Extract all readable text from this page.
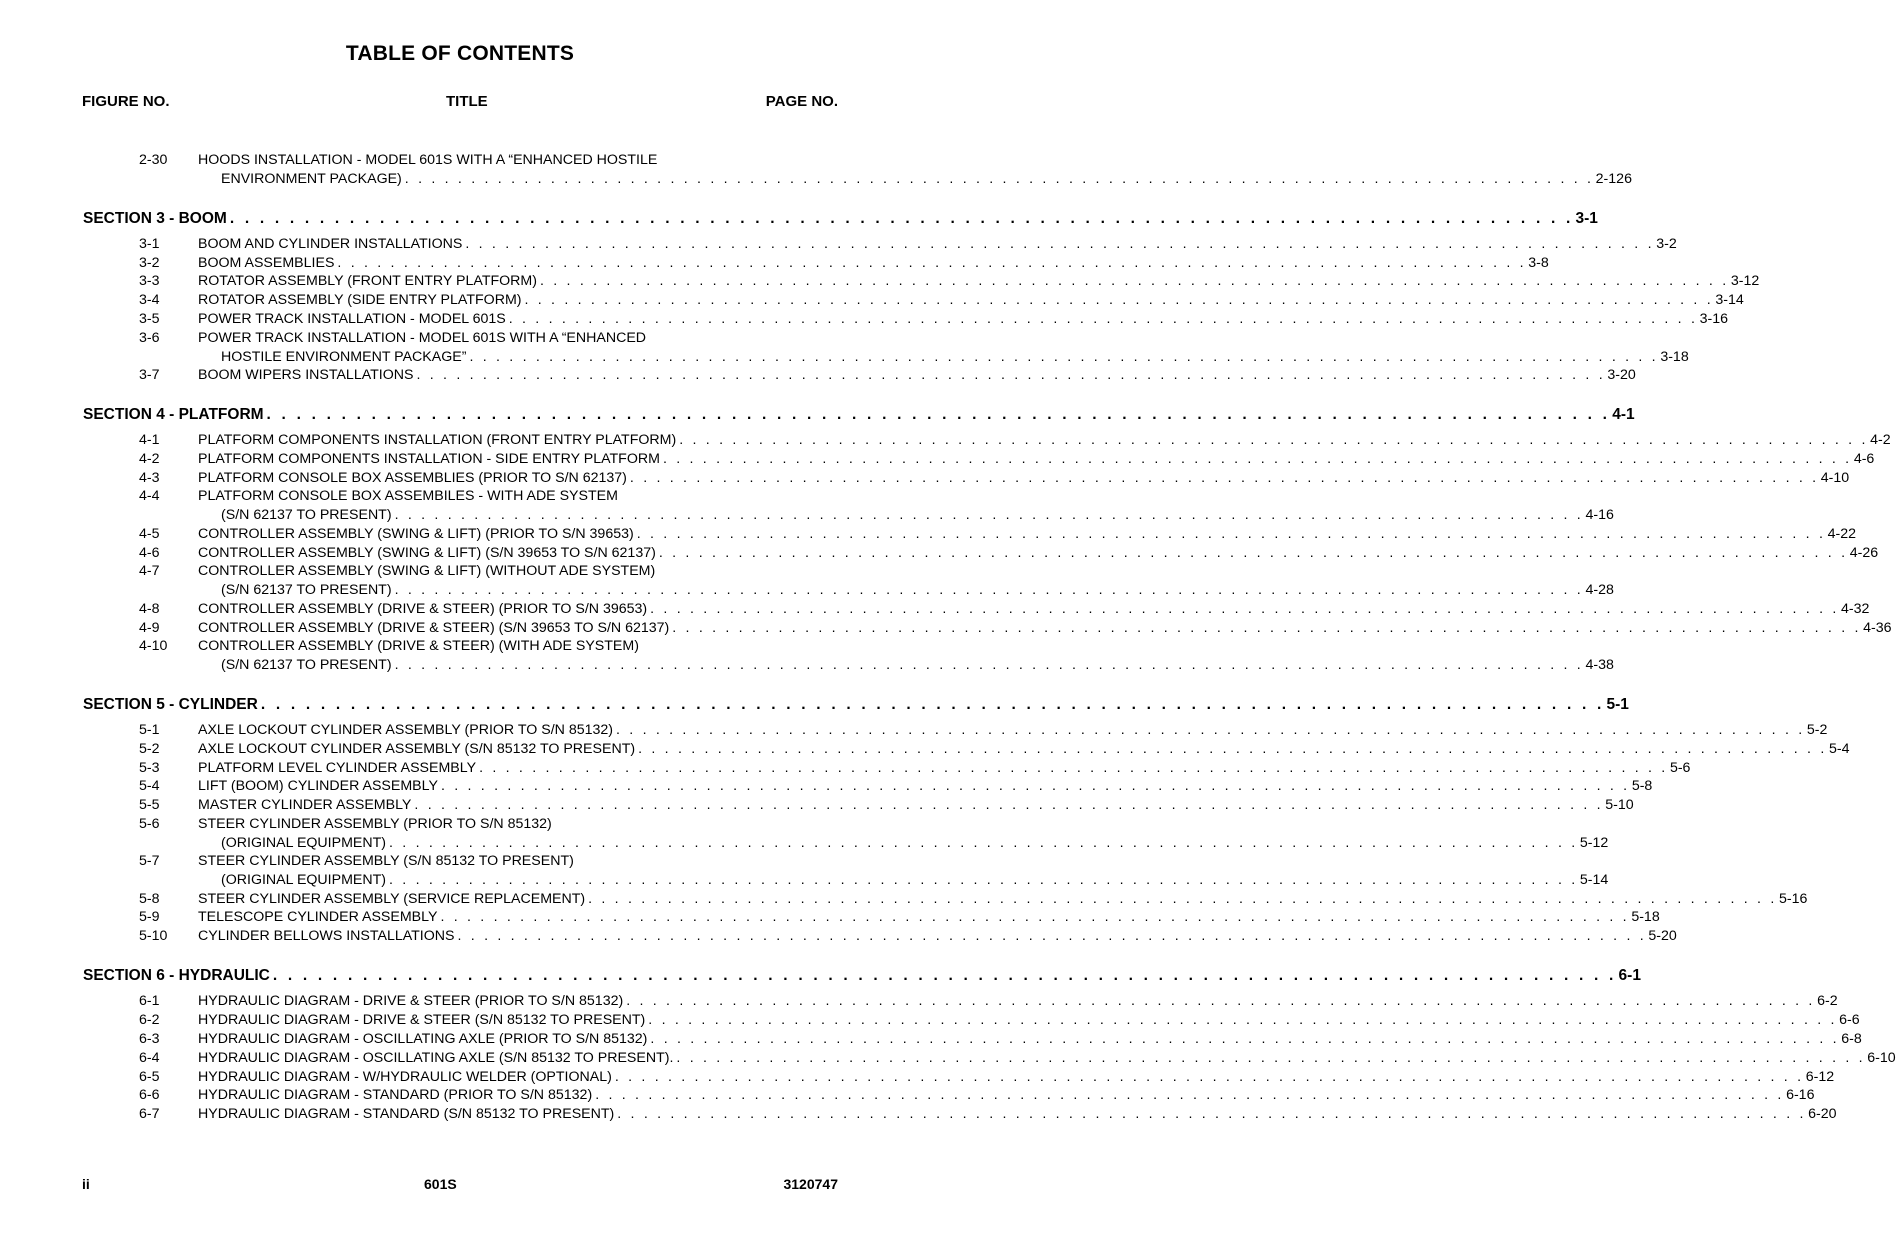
TABLE OF CONTENTS
FIGURE NO.	TITLE	PAGE NO.
2-30 HOODS INSTALLATION - MODEL 601S WITH A “ENHANCED HOSTILE
ENVIRONMENT PACKAGE) . . . . . . . . . . . . . . . . . . . . . . . . . . . . . . . . . . . . . . . . . . . . . . . . . . . . . . . . . . . . . . . . . . . . . . . . . . . . . . . . . . . . . . . . . . 2-126
SECTION 3 - BOOM . . . . . . . . . . . . . . . . . . . . . . . . . . . . . . . . . . . . . . . . . . . . . . . . . . . . . . . . . . . . . . . . . . . . . . . . . . . . . . . . . . . . . . . . . . 3-1
3-1	BOOM AND CYLINDER INSTALLATIONS . . . . . . . . . . . . . . . . . . . . . . . . . . . . . . . . . . . . . . . . . . . . . . . . . . . . . . . . . . . . . . . . . . . . . . . . . . . . . . . . . . . . . . . . . . 3-2
3-2	BOOM ASSEMBLIES . . . . . . . . . . . . . . . . . . . . . . . . . . . . . . . . . . . . . . . . . . . . . . . . . . . . . . . . . . . . . . . . . . . . . . . . . . . . . . . . . . . . . . . . . . 3-8
3-3	ROTATOR ASSEMBLY (FRONT ENTRY PLATFORM) . . . . . . . . . . . . . . . . . . . . . . . . . . . . . . . . . . . . . . . . . . . . . . . . . . . . . . . . . . . . . . . . . . . . . . . . . . . . . . . . . . . . . . . . . . 3-12
3-4	ROTATOR ASSEMBLY (SIDE ENTRY PLATFORM) . . . . . . . . . . . . . . . . . . . . . . . . . . . . . . . . . . . . . . . . . . . . . . . . . . . . . . . . . . . . . . . . . . . . . . . . . . . . . . . . . . . . . . . . . . 3-14
3-5	POWER TRACK INSTALLATION - MODEL 601S . . . . . . . . . . . . . . . . . . . . . . . . . . . . . . . . . . . . . . . . . . . . . . . . . . . . . . . . . . . . . . . . . . . . . . . . . . . . . . . . . . . . . . . . . . 3-16
3-6	POWER TRACK INSTALLATION - MODEL 601S WITH A “ENHANCED
HOSTILE ENVIRONMENT PACKAGE” . . . . . . . . . . . . . . . . . . . . . . . . . . . . . . . . . . . . . . . . . . . . . . . . . . . . . . . . . . . . . . . . . . . . . . . . . . . . . . . . . . . . . . . . . . 3-18
3-7	BOOM WIPERS INSTALLATIONS . . . . . . . . . . . . . . . . . . . . . . . . . . . . . . . . . . . . . . . . . . . . . . . . . . . . . . . . . . . . . . . . . . . . . . . . . . . . . . . . . . . . . . . . . . 3-20
SECTION 4 - PLATFORM . . . . . . . . . . . . . . . . . . . . . . . . . . . . . . . . . . . . . . . . . . . . . . . . . . . . . . . . . . . . . . . . . . . . . . . . . . . . . . . . . . . . . . . . . . 4-1
4-1	PLATFORM COMPONENTS INSTALLATION (FRONT ENTRY PLATFORM) . . . . . . . . . . . . . . . . . . . . . . . . . . . . . . . . . . . . . . . . . . . . . . . . . . . . . . . . . . . . . . . . . . . . . . . . . . . . . . . . . . . . . . . . . . 4-2
4-2	PLATFORM COMPONENTS INSTALLATION - SIDE ENTRY PLATFORM . . . . . . . . . . . . . . . . . . . . . . . . . . . . . . . . . . . . . . . . . . . . . . . . . . . . . . . . . . . . . . . . . . . . . . . . . . . . . . . . . . . . . . . . . . 4-6
4-3	PLATFORM CONSOLE BOX ASSEMBLIES (PRIOR TO S/N 62137) . . . . . . . . . . . . . . . . . . . . . . . . . . . . . . . . . . . . . . . . . . . . . . . . . . . . . . . . . . . . . . . . . . . . . . . . . . . . . . . . . . . . . . . . . . 4-10
4-4	PLATFORM CONSOLE BOX ASSEMBILES - WITH ADE SYSTEM
(S/N 62137 TO PRESENT) . . . . . . . . . . . . . . . . . . . . . . . . . . . . . . . . . . . . . . . . . . . . . . . . . . . . . . . . . . . . . . . . . . . . . . . . . . . . . . . . . . . . . . . . . . 4-16
4-5	CONTROLLER ASSEMBLY (SWING & LIFT) (PRIOR TO S/N 39653) . . . . . . . . . . . . . . . . . . . . . . . . . . . . . . . . . . . . . . . . . . . . . . . . . . . . . . . . . . . . . . . . . . . . . . . . . . . . . . . . . . . . . . . . . . 4-22
4-6	CONTROLLER ASSEMBLY (SWING & LIFT) (S/N 39653 TO S/N 62137) . . . . . . . . . . . . . . . . . . . . . . . . . . . . . . . . . . . . . . . . . . . . . . . . . . . . . . . . . . . . . . . . . . . . . . . . . . . . . . . . . . . . . . . . . . 4-26
4-7	CONTROLLER ASSEMBLY (SWING & LIFT) (WITHOUT ADE SYSTEM)
(S/N 62137 TO PRESENT) . . . . . . . . . . . . . . . . . . . . . . . . . . . . . . . . . . . . . . . . . . . . . . . . . . . . . . . . . . . . . . . . . . . . . . . . . . . . . . . . . . . . . . . . . . 4-28
4-8	CONTROLLER ASSEMBLY (DRIVE & STEER) (PRIOR TO S/N 39653) . . . . . . . . . . . . . . . . . . . . . . . . . . . . . . . . . . . . . . . . . . . . . . . . . . . . . . . . . . . . . . . . . . . . . . . . . . . . . . . . . . . . . . . . . . 4-32
4-9	CONTROLLER ASSEMBLY (DRIVE & STEER) (S/N 39653 TO S/N 62137) . . . . . . . . . . . . . . . . . . . . . . . . . . . . . . . . . . . . . . . . . . . . . . . . . . . . . . . . . . . . . . . . . . . . . . . . . . . . . . . . . . . . . . . . . . 4-36
4-10 CONTROLLER ASSEMBLY (DRIVE & STEER) (WITH ADE SYSTEM)
(S/N 62137 TO PRESENT) . . . . . . . . . . . . . . . . . . . . . . . . . . . . . . . . . . . . . . . . . . . . . . . . . . . . . . . . . . . . . . . . . . . . . . . . . . . . . . . . . . . . . . . . . . 4-38
SECTION 5 - CYLINDER . . . . . . . . . . . . . . . . . . . . . . . . . . . . . . . . . . . . . . . . . . . . . . . . . . . . . . . . . . . . . . . . . . . . . . . . . . . . . . . . . . . . . . . . . . 5-1
5-1	AXLE LOCKOUT CYLINDER ASSEMBLY (PRIOR TO S/N 85132) . . . . . . . . . . . . . . . . . . . . . . . . . . . . . . . . . . . . . . . . . . . . . . . . . . . . . . . . . . . . . . . . . . . . . . . . . . . . . . . . . . . . . . . . . . 5-2
5-2	AXLE LOCKOUT CYLINDER ASSEMBLY (S/N 85132 TO PRESENT) . . . . . . . . . . . . . . . . . . . . . . . . . . . . . . . . . . . . . . . . . . . . . . . . . . . . . . . . . . . . . . . . . . . . . . . . . . . . . . . . . . . . . . . . . . 5-4
5-3	PLATFORM LEVEL CYLINDER ASSEMBLY . . . . . . . . . . . . . . . . . . . . . . . . . . . . . . . . . . . . . . . . . . . . . . . . . . . . . . . . . . . . . . . . . . . . . . . . . . . . . . . . . . . . . . . . . . 5-6
5-4	LIFT (BOOM) CYLINDER ASSEMBLY . . . . . . . . . . . . . . . . . . . . . . . . . . . . . . . . . . . . . . . . . . . . . . . . . . . . . . . . . . . . . . . . . . . . . . . . . . . . . . . . . . . . . . . . . . 5-8
5-5	MASTER CYLINDER ASSEMBLY . . . . . . . . . . . . . . . . . . . . . . . . . . . . . . . . . . . . . . . . . . . . . . . . . . . . . . . . . . . . . . . . . . . . . . . . . . . . . . . . . . . . . . . . . . 5-10
5-6	STEER CYLINDER ASSEMBLY (PRIOR TO S/N 85132)
(ORIGINAL EQUIPMENT) . . . . . . . . . . . . . . . . . . . . . . . . . . . . . . . . . . . . . . . . . . . . . . . . . . . . . . . . . . . . . . . . . . . . . . . . . . . . . . . . . . . . . . . . . . 5-12
5-7	STEER CYLINDER ASSEMBLY (S/N 85132 TO PRESENT)
(ORIGINAL EQUIPMENT) . . . . . . . . . . . . . . . . . . . . . . . . . . . . . . . . . . . . . . . . . . . . . . . . . . . . . . . . . . . . . . . . . . . . . . . . . . . . . . . . . . . . . . . . . . 5-14
5-8	STEER CYLINDER ASSEMBLY (SERVICE REPLACEMENT) . . . . . . . . . . . . . . . . . . . . . . . . . . . . . . . . . . . . . . . . . . . . . . . . . . . . . . . . . . . . . . . . . . . . . . . . . . . . . . . . . . . . . . . . . . 5-16
5-9	TELESCOPE CYLINDER ASSEMBLY . . . . . . . . . . . . . . . . . . . . . . . . . . . . . . . . . . . . . . . . . . . . . . . . . . . . . . . . . . . . . . . . . . . . . . . . . . . . . . . . . . . . . . . . . . 5-18
5-10 CYLINDER BELLOWS INSTALLATIONS . . . . . . . . . . . . . . . . . . . . . . . . . . . . . . . . . . . . . . . . . . . . . . . . . . . . . . . . . . . . . . . . . . . . . . . . . . . . . . . . . . . . . . . . . . 5-20
SECTION 6 - HYDRAULIC . . . . . . . . . . . . . . . . . . . . . . . . . . . . . . . . . . . . . . . . . . . . . . . . . . . . . . . . . . . . . . . . . . . . . . . . . . . . . . . . . . . . . . . . . . 6-1
6-1	HYDRAULIC DIAGRAM - DRIVE & STEER (PRIOR TO S/N 85132) . . . . . . . . . . . . . . . . . . . . . . . . . . . . . . . . . . . . . . . . . . . . . . . . . . . . . . . . . . . . . . . . . . . . . . . . . . . . . . . . . . . . . . . . . . 6-2
6-2	HYDRAULIC DIAGRAM - DRIVE & STEER (S/N 85132 TO PRESENT) . . . . . . . . . . . . . . . . . . . . . . . . . . . . . . . . . . . . . . . . . . . . . . . . . . . . . . . . . . . . . . . . . . . . . . . . . . . . . . . . . . . . . . . . . . 6-6
6-3	HYDRAULIC DIAGRAM - OSCILLATING AXLE (PRIOR TO S/N 85132) . . . . . . . . . . . . . . . . . . . . . . . . . . . . . . . . . . . . . . . . . . . . . . . . . . . . . . . . . . . . . . . . . . . . . . . . . . . . . . . . . . . . . . . . . . 6-8
6-4	HYDRAULIC DIAGRAM - OSCILLATING AXLE (S/N 85132 TO PRESENT). . . . . . . . . . . . . . . . . . . . . . . . . . . . . . . . . . . . . . . . . . . . . . . . . . . . . . . . . . . . . . . . . . . . . . . . . . . . . . . . . . . . . . . . . . . 6-10
6-5	HYDRAULIC DIAGRAM - W/HYDRAULIC WELDER (OPTIONAL) . . . . . . . . . . . . . . . . . . . . . . . . . . . . . . . . . . . . . . . . . . . . . . . . . . . . . . . . . . . . . . . . . . . . . . . . . . . . . . . . . . . . . . . . . . 6-12
6-6	HYDRAULIC DIAGRAM - STANDARD (PRIOR TO S/N 85132) . . . . . . . . . . . . . . . . . . . . . . . . . . . . . . . . . . . . . . . . . . . . . . . . . . . . . . . . . . . . . . . . . . . . . . . . . . . . . . . . . . . . . . . . . . 6-16
6-7	HYDRAULIC DIAGRAM - STANDARD (S/N 85132 TO PRESENT) . . . . . . . . . . . . . . . . . . . . . . . . . . . . . . . . . . . . . . . . . . . . . . . . . . . . . . . . . . . . . . . . . . . . . . . . . . . . . . . . . . . . . . . . . . 6-20
ii	601S	3120747
